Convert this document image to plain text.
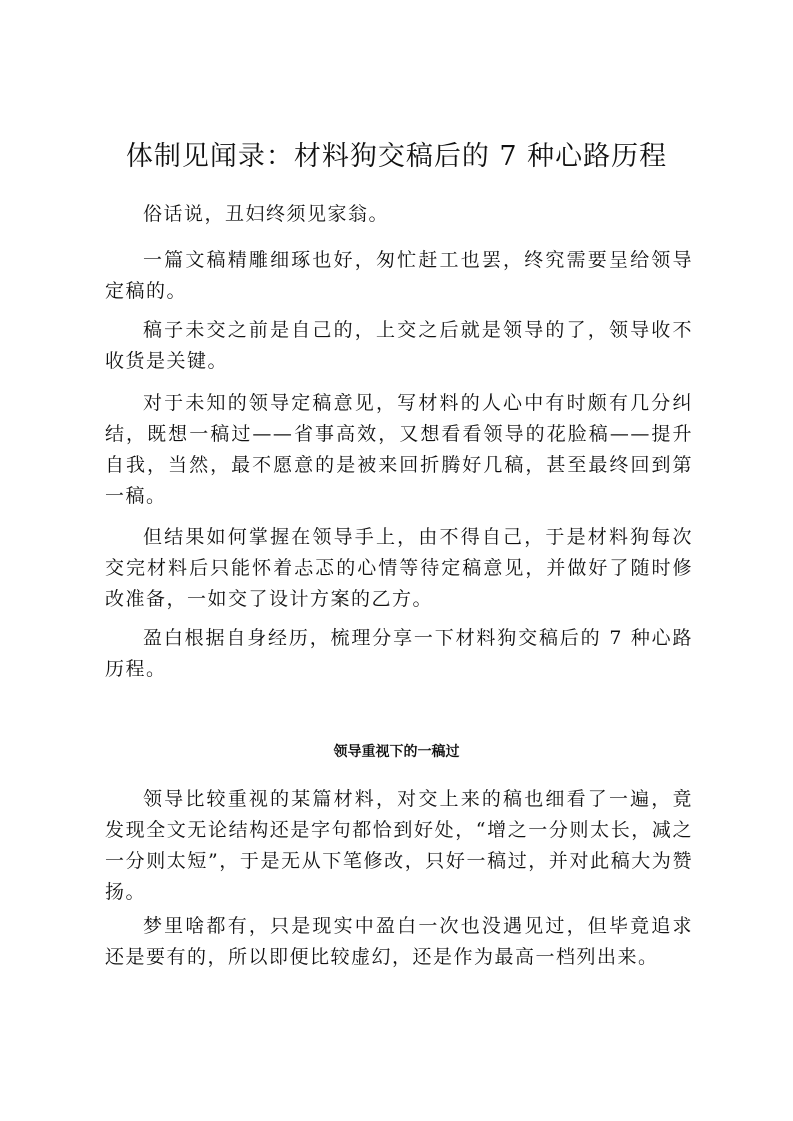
体制见闻录：材料狗交稿后的 7 种心路历程

俗话说，丑妇终须见家翁。

一篇文稿精雕细琢也好，匆忙赶工也罢，终究需要呈给领导定稿的。

稿子未交之前是自己的，上交之后就是领导的了，领导收不收货是关键。

对于未知的领导定稿意见，写材料的人心中有时颇有几分纠结，既想一稿过——省事高效，又想看看领导的花脸稿——提升自我，当然，最不愿意的是被来回折腾好几稿，甚至最终回到第一稿。

但结果如何掌握在领导手上，由不得自己，于是材料狗每次交完材料后只能怀着忐忑的心情等待定稿意见，并做好了随时修改准备，一如交了设计方案的乙方。

盈白根据自身经历，梳理分享一下材料狗交稿后的 7 种心路历程。

领导重视下的一稿过

领导比较重视的某篇材料，对交上来的稿也细看了一遍，竟发现全文无论结构还是字句都恰到好处，“增之一分则太长，减之一分则太短”，于是无从下笔修改，只好一稿过，并对此稿大为赞扬。

梦里啥都有，只是现实中盈白一次也没遇见过，但毕竟追求还是要有的，所以即便比较虚幻，还是作为最高一档列出来。
